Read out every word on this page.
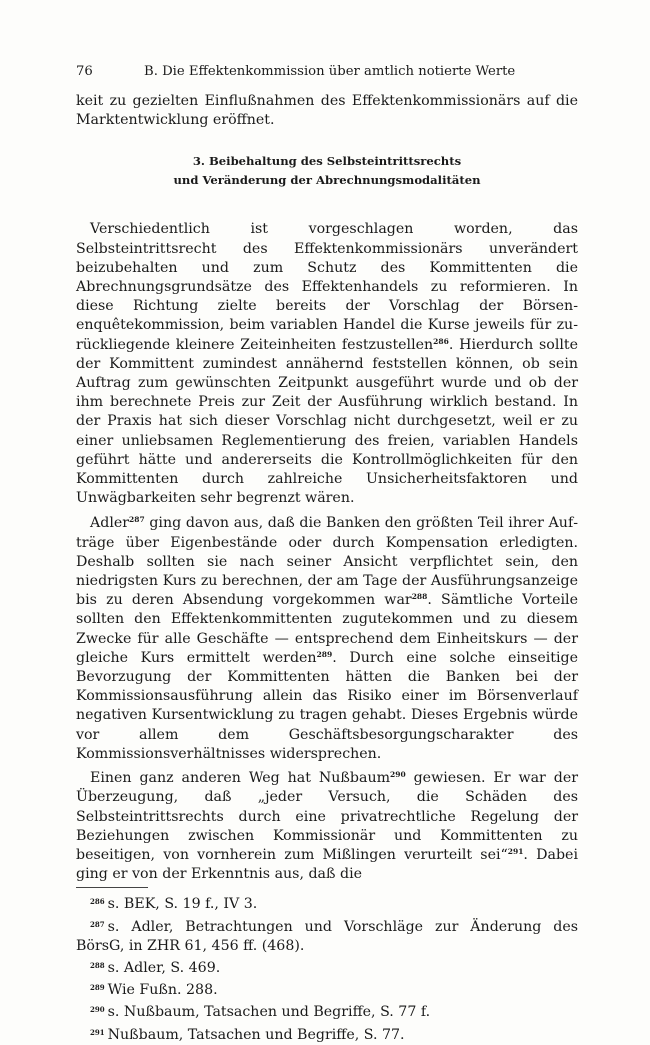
76	B. Die Effektenkommission über amtlich notierte Werte

keit zu gezielten Einflußnahmen des Effektenkommissionärs auf die Marktentwicklung eröffnet.

3. Beibehaltung des Selbsteintrittsrechts
und Veränderung der Abrechnungsmodalitäten

Verschiedentlich ist vorgeschlagen worden, das Selbsteintrittsrecht des Effektenkommissionärs unverändert beizubehalten und zum Schutz des Kommittenten die Abrechnungsgrundsätze des Effektenhandels zu reformieren. In diese Richtung zielte bereits der Vorschlag der Börsenenquêtekommission, beim variablen Handel die Kurse jeweils für zurückliegende kleinere Zeiteinheiten festzustellen$^{286}$. Hierdurch sollte der Kommittent zumindest annähernd feststellen können, ob sein Auftrag zum gewünschten Zeitpunkt ausgeführt wurde und ob der ihm berechnete Preis zur Zeit der Ausführung wirklich bestand. In der Praxis hat sich dieser Vorschlag nicht durchgesetzt, weil er zu einer unliebsamen Reglementierung des freien, variablen Handels geführt hätte und andererseits die Kontrollmöglichkeiten für den Kommittenten durch zahlreiche Unsicherheitsfaktoren und Unwägbarkeiten sehr begrenzt wären.

Adler$^{287}$ ging davon aus, daß die Banken den größten Teil ihrer Aufträge über Eigenbestände oder durch Kompensation erledigten. Deshalb sollten sie nach seiner Ansicht verpflichtet sein, den niedrigsten Kurs zu berechnen, der am Tage der Ausführungsanzeige bis zu deren Absendung vorgekommen war$^{288}$. Sämtliche Vorteile sollten den Effektenkommittenten zugutekommen und zu diesem Zwecke für alle Geschäfte — entsprechend dem Einheitskurs — der gleiche Kurs ermittelt werden$^{289}$. Durch eine solche einseitige Bevorzugung der Kommittenten hätten die Banken bei der Kommissionsausführung allein das Risiko einer im Börsenverlauf negativen Kursentwicklung zu tragen gehabt. Dieses Ergebnis würde vor allem dem Geschäftsbesorgungscharakter des Kommissionsverhältnisses widersprechen.

Einen ganz anderen Weg hat Nußbaum$^{290}$ gewiesen. Er war der Überzeugung, daß „jeder Versuch, die Schäden des Selbsteintrittsrechts durch eine privatrechtliche Regelung der Beziehungen zwischen Kommissionär und Kommittenten zu beseitigen, von vornherein zum Mißlingen verurteilt sei“$^{291}$. Dabei ging er von der Erkenntnis aus, daß die

$^{286}$ s. BEK, S. 19 f., IV 3.

$^{287}$ s. Adler, Betrachtungen und Vorschläge zur Änderung des BörsG, in ZHR 61, 456 ff. (468).

$^{288}$ s. Adler, S. 469.

$^{289}$ Wie Fußn. 288.

$^{290}$ s. Nußbaum, Tatsachen und Begriffe, S. 77 f.

$^{291}$ Nußbaum, Tatsachen und Begriffe, S. 77.
